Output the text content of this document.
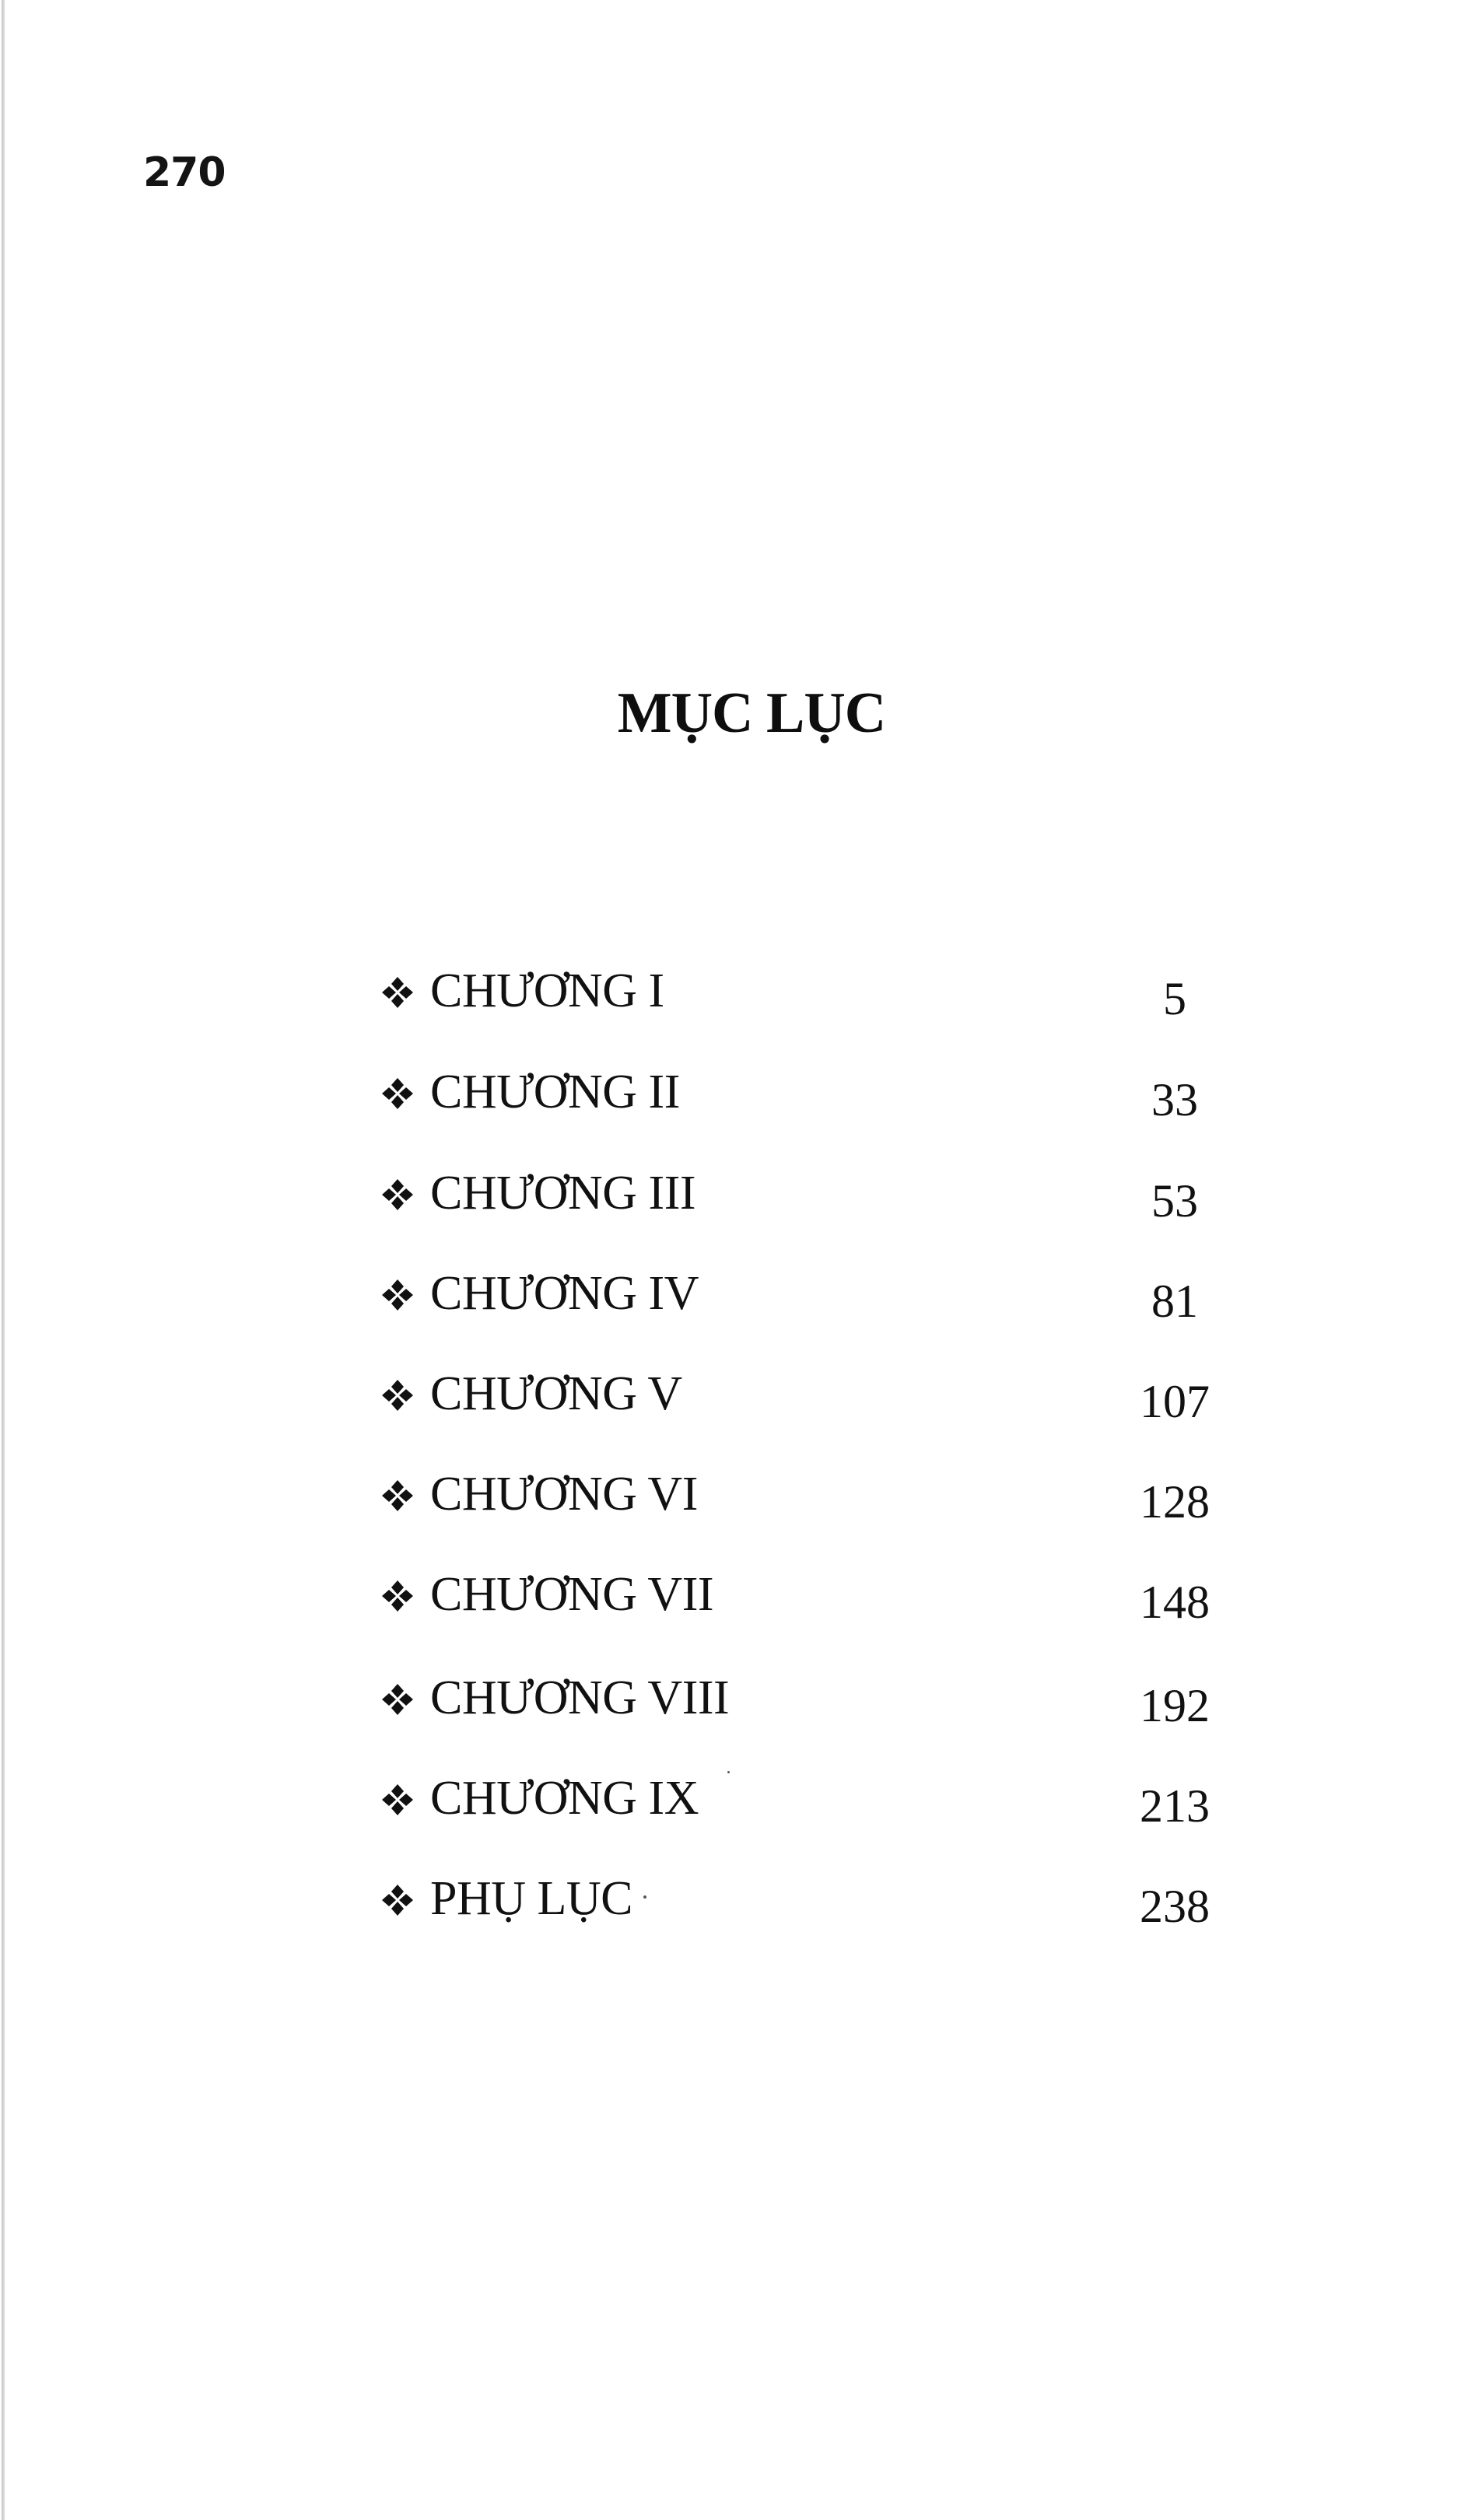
270
MỤC LỤC
CHƯƠNG I	5
CHƯƠNG II	33
CHƯƠNG III	53
CHƯƠNG IV	81
CHƯƠNG V	107
CHƯƠNG VI	128
CHƯƠNG VII	148
CHƯƠNG VIII	192
CHƯƠNG IX	213
PHỤ LỤC	238
